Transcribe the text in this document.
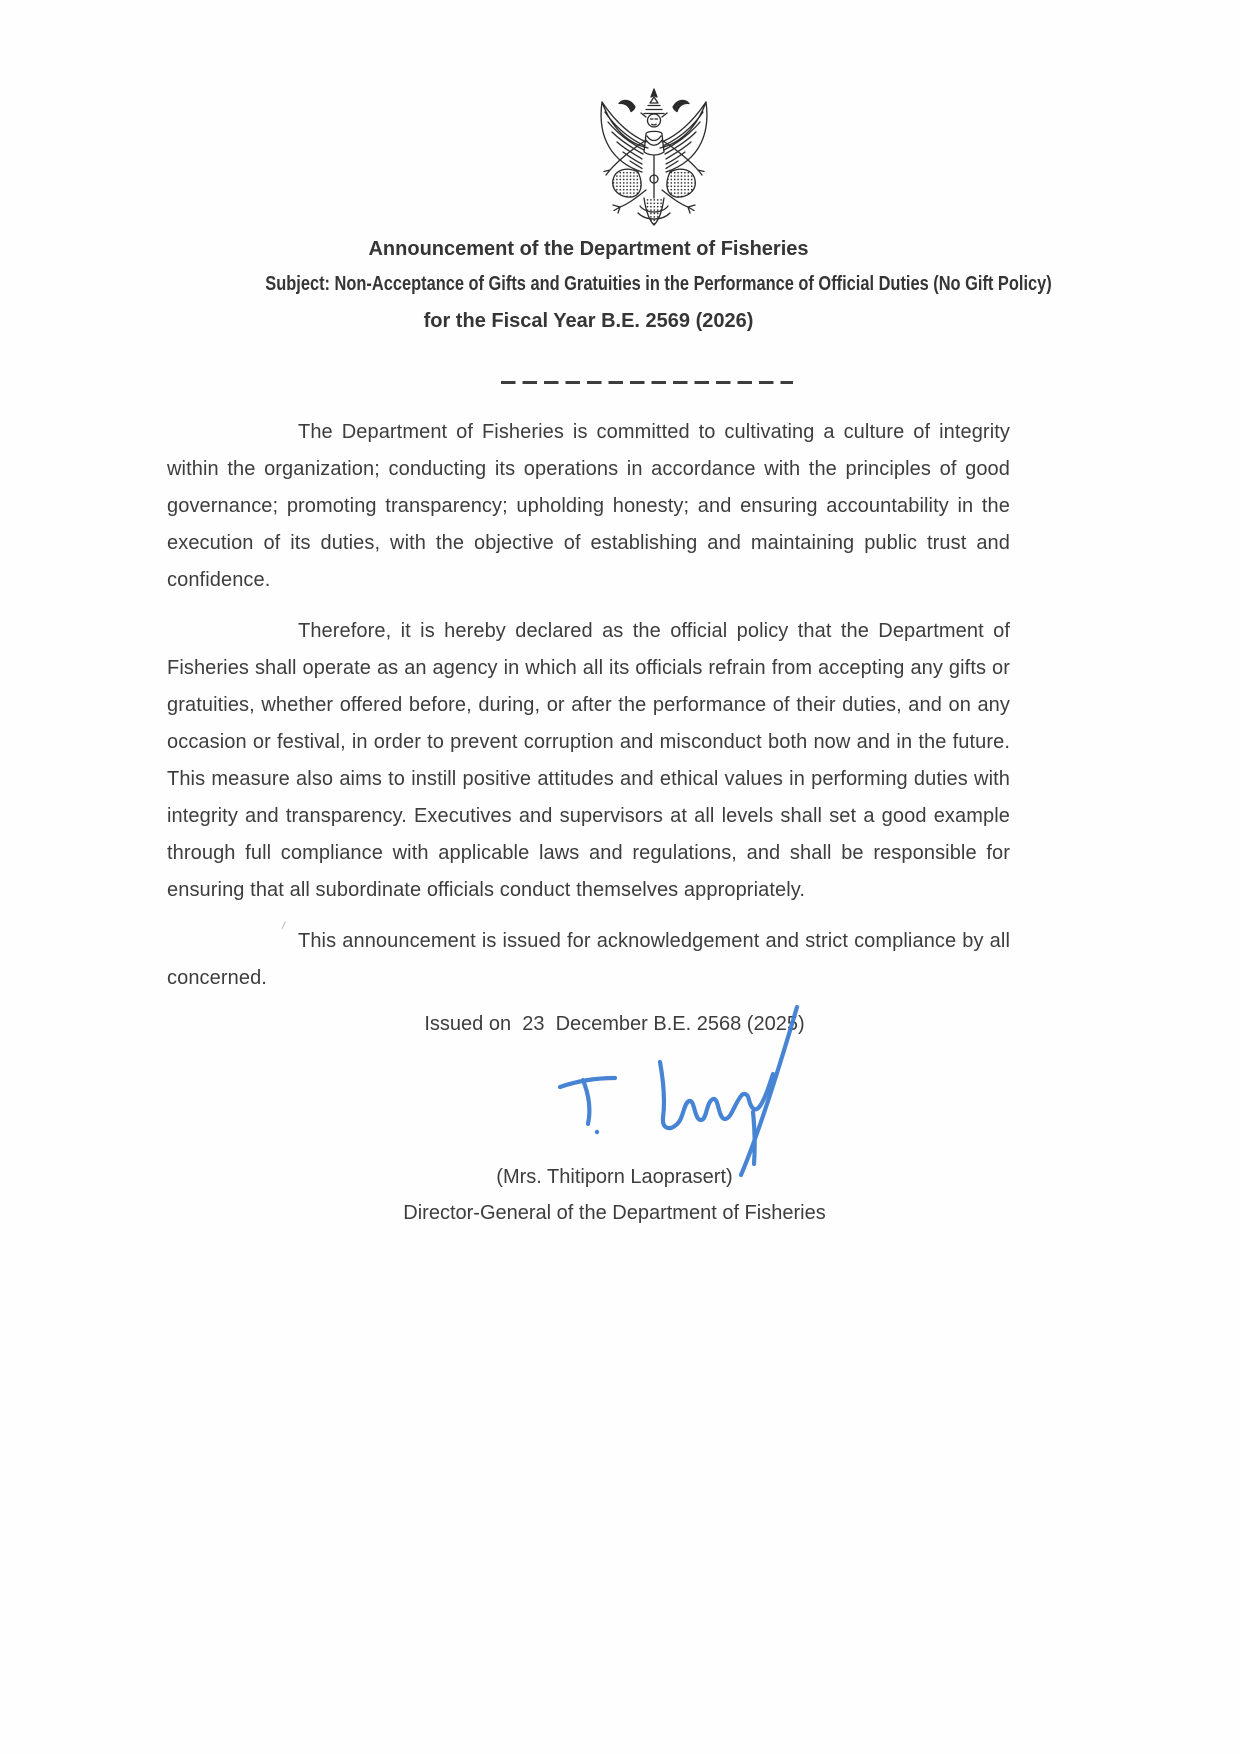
Announcement of the Department of Fisheries
Subject: Non-Acceptance of Gifts and Gratuities in the Performance of Official Duties (No Gift Policy)
for the Fiscal Year B.E. 2569 (2026)

The Department of Fisheries is committed to cultivating a culture of integrity within the organization; conducting its operations in accordance with the principles of good governance; promoting transparency; upholding honesty; and ensuring accountability in the execution of its duties, with the objective of establishing and maintaining public trust and confidence.

Therefore, it is hereby declared as the official policy that the Department of Fisheries shall operate as an agency in which all its officials refrain from accepting any gifts or gratuities, whether offered before, during, or after the performance of their duties, and on any occasion or festival, in order to prevent corruption and misconduct both now and in the future. This measure also aims to instill positive attitudes and ethical values in performing duties with integrity and transparency. Executives and supervisors at all levels shall set a good example through full compliance with applicable laws and regulations, and shall be responsible for ensuring that all subordinate officials conduct themselves appropriately.

This announcement is issued for acknowledgement and strict compliance by all concerned.

Issued on  23  December B.E. 2568 (2025)
(Mrs. Thitiporn Laoprasert)
Director-General of the Department of Fisheries
